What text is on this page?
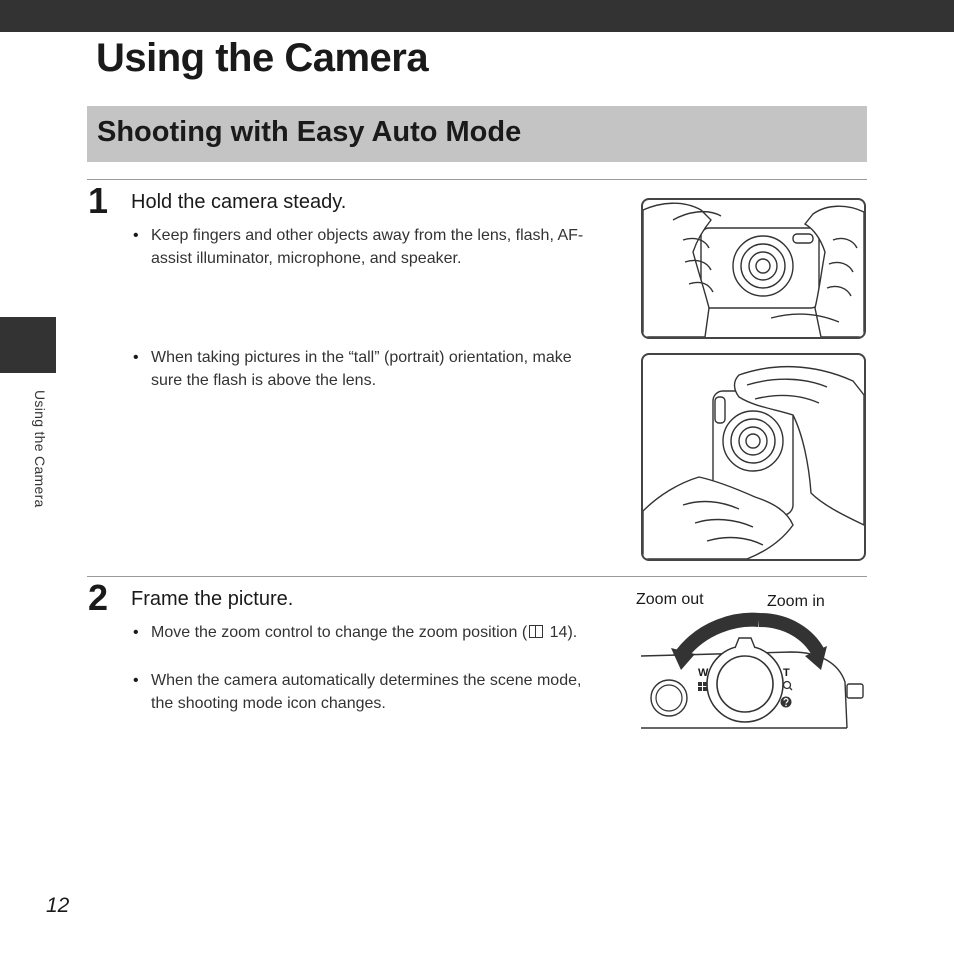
Using the Camera
Shooting with Easy Auto Mode
1 Hold the camera steady.
• Keep fingers and other objects away from the lens, flash, AF-assist illuminator, microphone, and speaker.
• When taking pictures in the “tall” (portrait) orientation, make sure the flash is above the lens.
2 Frame the picture.
• Move the zoom control to change the zoom position ( 14).
• When the camera automatically determines the scene mode, the shooting mode icon changes.
Zoom out	Zoom in
W	T
Using the Camera
12
